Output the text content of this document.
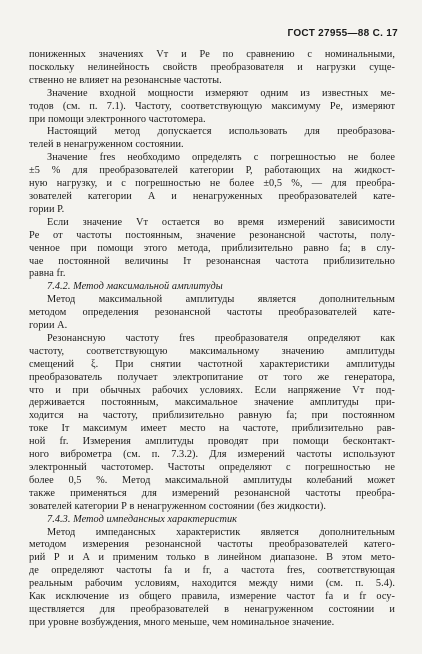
ГОСТ 27955—88 С. 17
пониженных значениях Vт и Pe по сравнению с номинальными,
поскольку нелинейность свойств преобразователя и нагрузки суще-
ственно не влияет на резонансные частоты.
Значение входной мощности измеряют одним из известных ме-
тодов (см. п. 7.1). Частоту, соответствующую максимуму Pe, измеряют
при помощи электронного частотомера.
Настоящий метод допускается использовать для преобразова-
телей в ненагруженном состоянии.
Значение fres необходимо определять с погрешностью не более
±5 % для преобразователей категории Р, работающих на жидкост-
ную нагрузку, и с погрешностью не более ±0,5 %, — для преобра-
зователей категории А и ненагруженных преобразователей кате-
гории Р.
Если значение Vт остается во время измерений зависимости
Pe от частоты постоянным, значение резонансной частоты, полу-
ченное при помощи этого метода, приблизительно равно fa; в слу-
чае постоянной величины Iт резонансная частота приблизительно
равна fr.
7.4.2. Метод максимальной амплитуды
Метод максимальной амплитуды является дополнительным
методом определения резонансной частоты преобразователей кате-
гории А.
Резонансную частоту fres преобразователя определяют как
частоту, соответствующую максимальному значению амплитуды
смещений ξ. При снятии частотной характеристики амплитуды
преобразователь получает электропитание от того же генератора,
что и при обычных рабочих условиях. Если напряжение Vт под-
держивается постоянным, максимальное значение амплитуды при-
ходится на частоту, приблизительно равную fa; при постоянном
токе Iт максимум имеет место на частоте, приблизительно рав-
ной fr. Измерения амплитуды проводят при помощи бесконтакт-
ного виброметра (см. п. 7.3.2). Для измерений частоты используют
электронный частотомер. Частоты определяют с погрешностью не
более 0,5 %. Метод максимальной амплитуды колебаний может
также применяться для измерений резонансной частоты преобра-
зователей категории Р в ненагруженном состоянии (без жидкости).
7.4.3. Метод импедансных характеристик
Метод импедансных характеристик является дополнительным
методом измерения резонансной частоты преобразователей катего-
рий Р и А и применим только в линейном диапазоне. В этом мето-
де определяют частоты fa и fr, а частота fres, соответствующая
реальным рабочим условиям, находится между ними (см. п. 5.4).
Как исключение из общего правила, измерение частот fa и fr осу-
ществляется для преобразователей в ненагруженном состоянии и
при уровне возбуждения, много меньше, чем номинальное значение.
